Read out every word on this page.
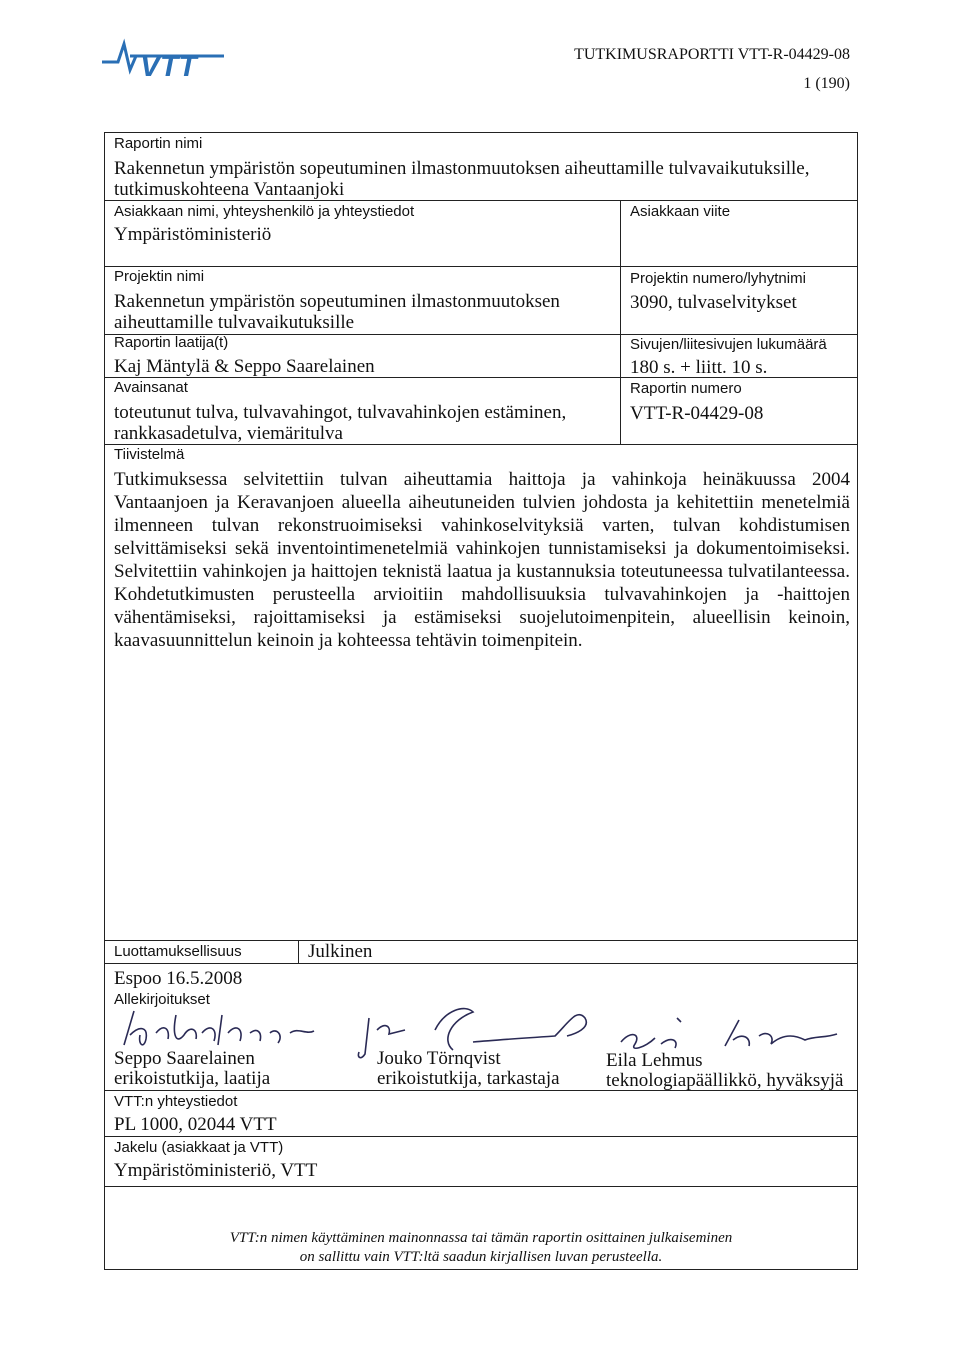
VTT	TUTKIMUSRAPORTTI VTT-R-04429-08
1 (190)
Raportin nimi
Rakennetun ympäristön sopeutuminen ilmastonmuutoksen aiheuttamille tulvavaikutuksille, tutkimuskohteena Vantaanjoki
Asiakkaan nimi, yhteyshenkilö ja yhteystiedot
Ympäristöministeriö
Asiakkaan viite
Projektin nimi
Rakennetun ympäristön sopeutuminen ilmastonmuutoksen aiheuttamille tulvavaikutuksille
Projektin numero/lyhytnimi
3090, tulvaselvitykset
Raportin laatija(t)
Kaj Mäntylä & Seppo Saarelainen
Sivujen/liitesivujen lukumäärä
180 s. + liitt. 10 s.
Avainsanat
toteutunut tulva, tulvavahingot, tulvavahinkojen estäminen, rankkasadetulva, viemäritulva
Raportin numero
VTT-R-04429-08
Tiivistelmä
Tutkimuksessa selvitettiin tulvan aiheuttamia haittoja ja vahinkoja heinäkuussa 2004 Vantaanjoen ja Keravanjoen alueella aiheutuneiden tulvien johdosta ja kehitettiin menetelmiä ilmenneen tulvan rekonstruoimiseksi vahinkoselvityksiä varten, tulvan kohdistumisen selvittämiseksi sekä inventointimenetelmiä vahinkojen tunnistamiseksi ja dokumentoimiseksi. Selvitettiin vahinkojen ja haittojen teknistä laatua ja kustannuksia toteutuneessa tulvatilanteessa. Kohdetutkimusten perusteella arvioitiin mahdollisuuksia tulvavahinkojen ja -haittojen vähentämiseksi, rajoittamiseksi ja estämiseksi suojelutoimenpitein, alueellisin keinoin, kaavasuunnittelun keinoin ja kohteessa tehtävin toimenpitein.
Luottamuksellisuus	Julkinen
Espoo 16.5.2008
Allekirjoitukset
Seppo Saarelainen
erikoistutkija, laatija
Jouko Törnqvist
erikoistutkija, tarkastaja
Eila Lehmus
teknologiapäällikkö, hyväksyjä
VTT:n yhteystiedot
PL 1000, 02044 VTT
Jakelu (asiakkaat ja VTT)
Ympäristöministeriö, VTT
VTT:n nimen käyttäminen mainonnassa tai tämän raportin osittainen julkaiseminen
on sallittu vain VTT:ltä saadun kirjallisen luvan perusteella.
